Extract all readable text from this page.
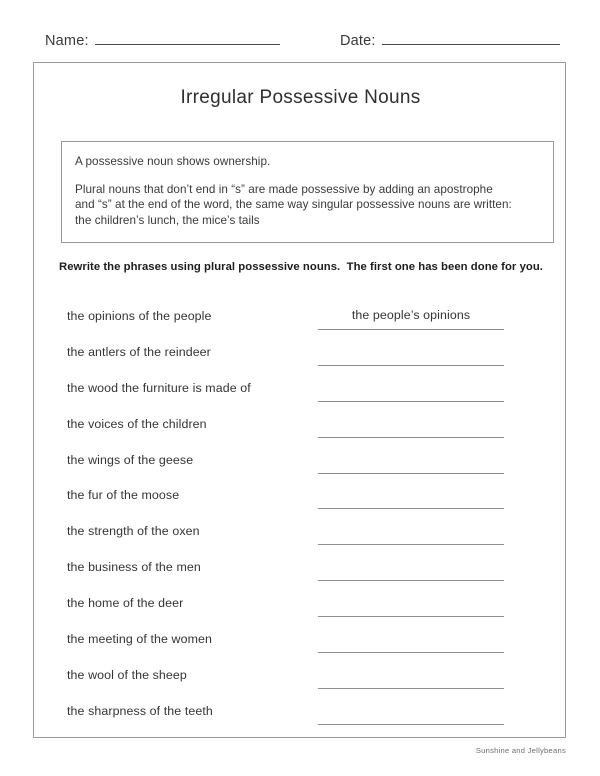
Name:	Date:
Irregular Possessive Nouns
A possessive noun shows ownership.
Plural nouns that don’t end in “s” are made possessive by adding an apostrophe
and “s” at the end of the word, the same way singular possessive nouns are written:
the children’s lunch, the mice’s tails
Rewrite the phrases using plural possessive nouns.  The first one has been done for you.
the opinions of the people	the people’s opinions
the antlers of the reindeer
the wood the furniture is made of
the voices of the children
the wings of the geese
the fur of the moose
the strength of the oxen
the business of the men
the home of the deer
the meeting of the women
the wool of the sheep
the sharpness of the teeth
Sunshine and Jellybeans
